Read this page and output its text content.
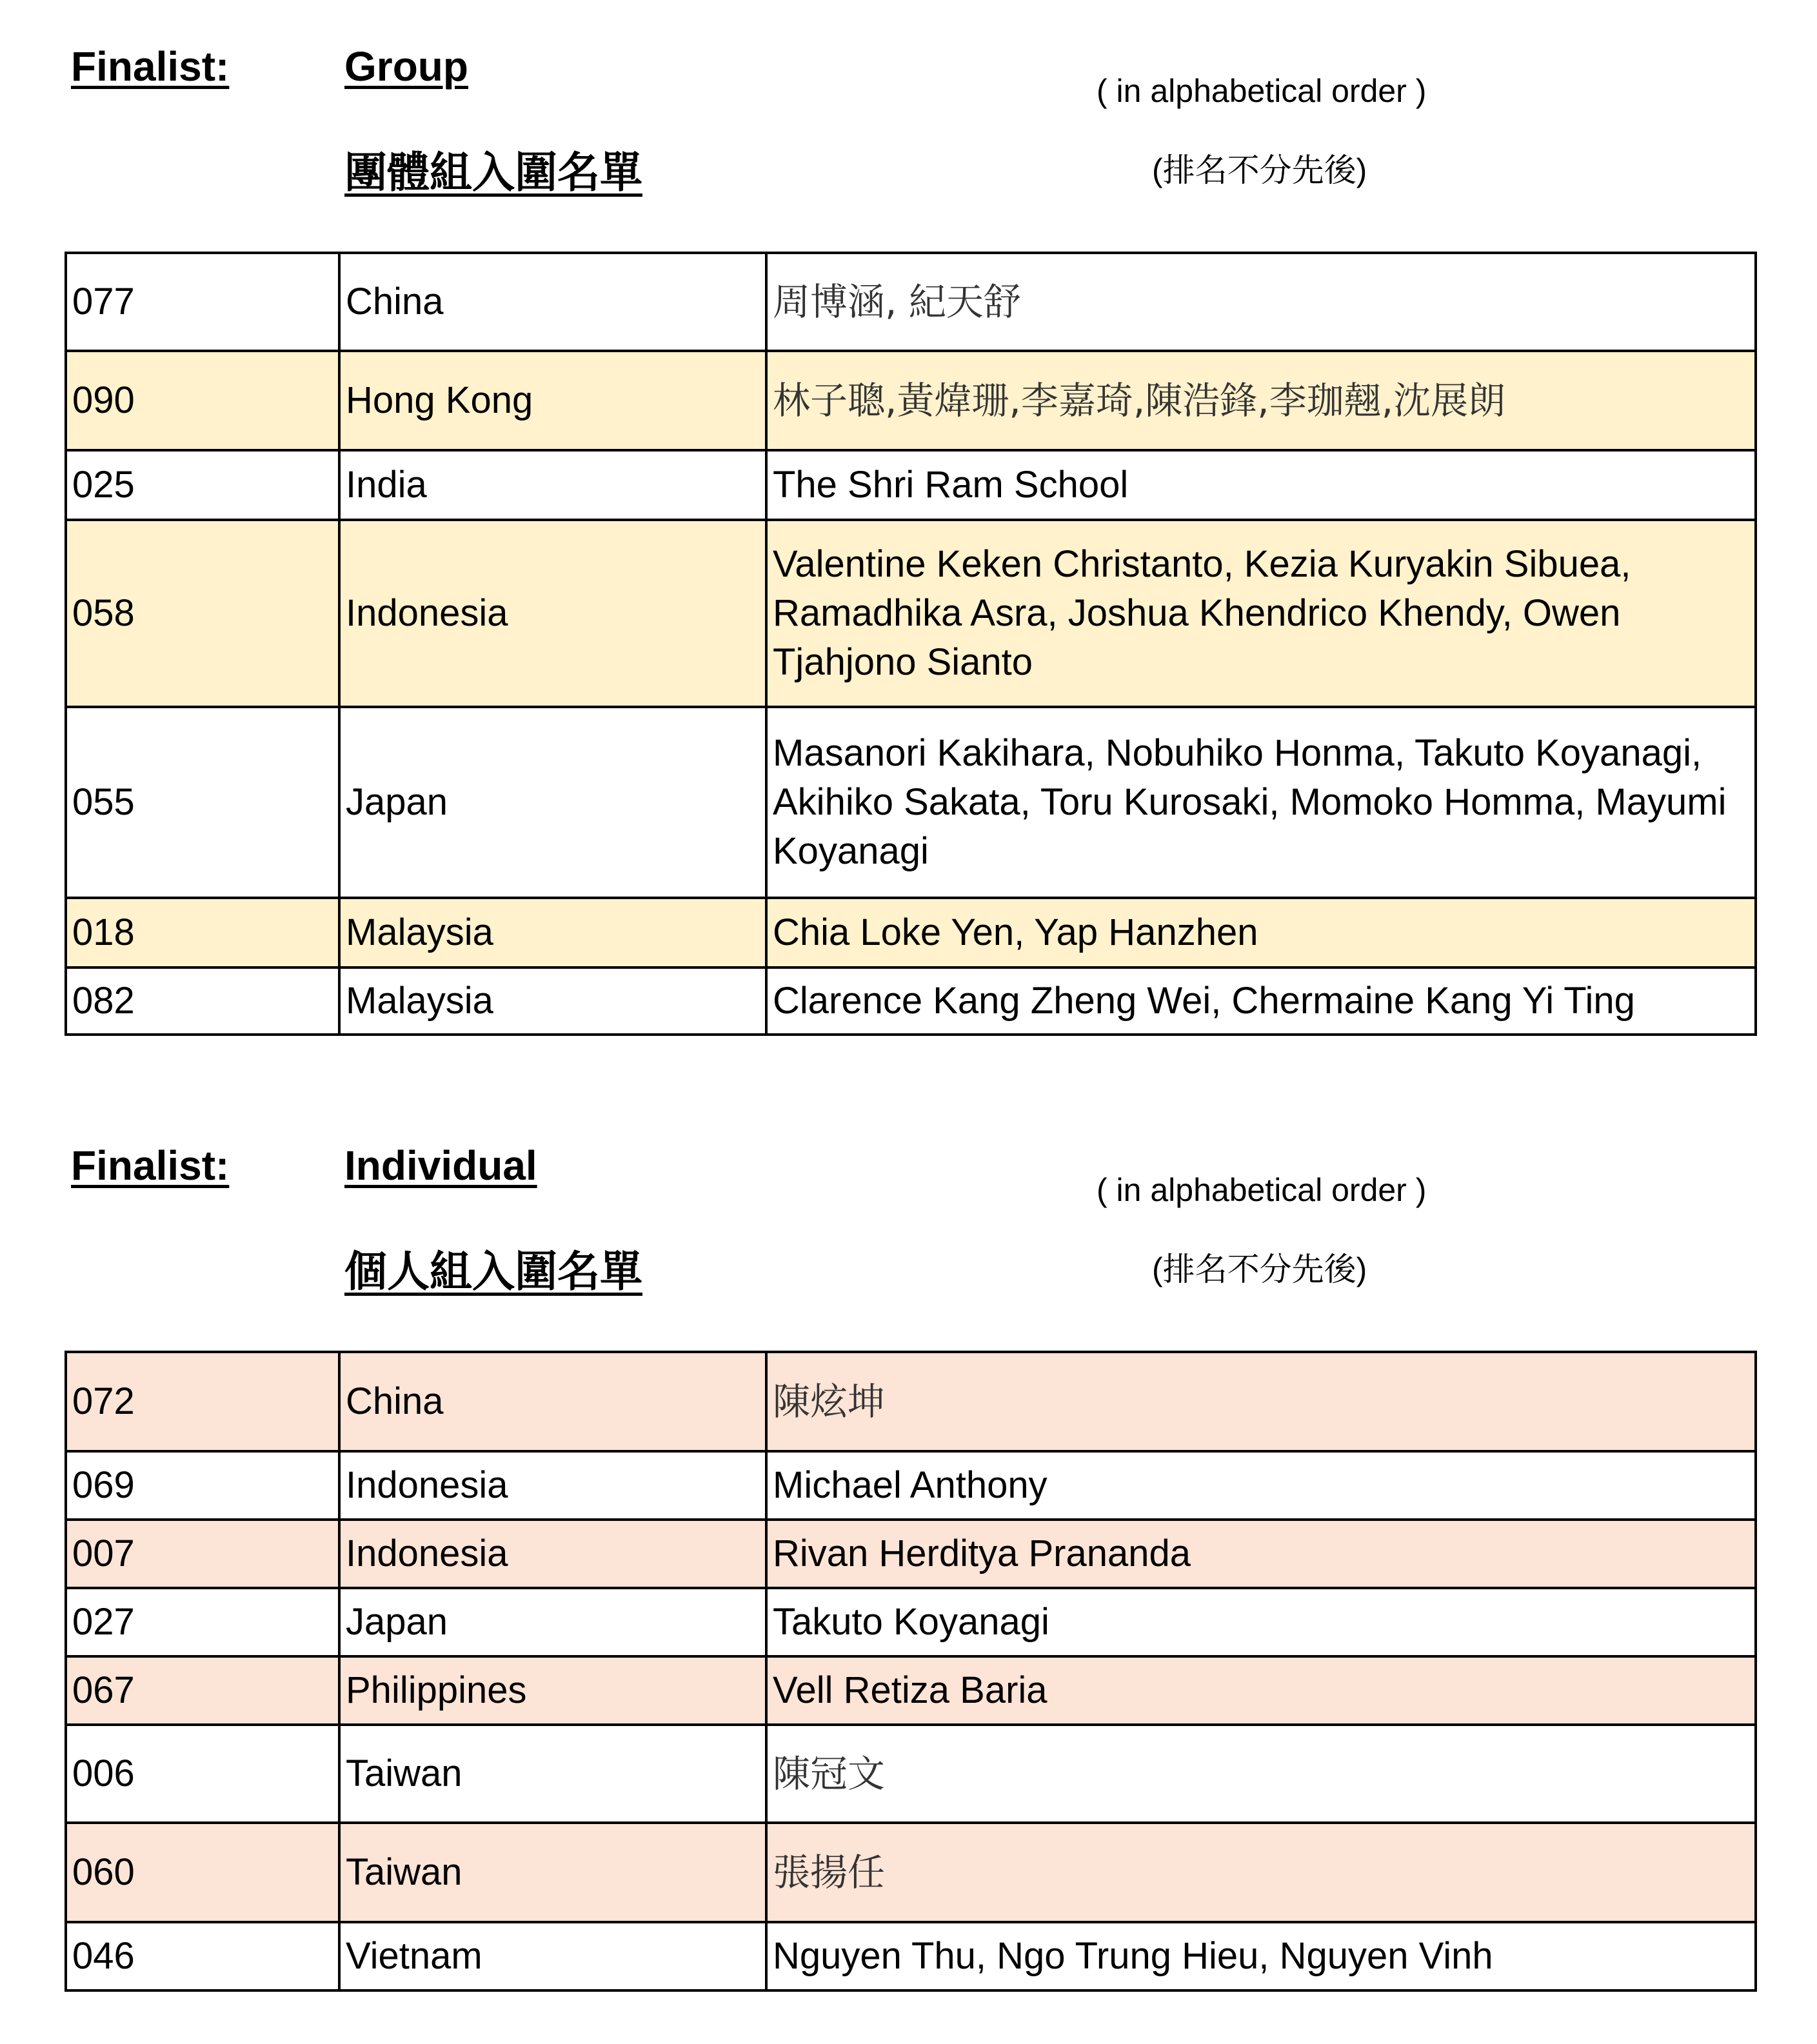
Finalist:	Group
團體組入圍名單
( in alphabetical order )
(排名不分先後)
077	China	周博涵, 紀天舒
090	Hong Kong	林子聰,黃煒珊,李嘉琦,陳浩鋒,李珈翹,沈展朗
025	India	The Shri Ram School
058	Indonesia	Valentine Keken Christanto, Kezia Kuryakin Sibuea, Ramadhika Asra, Joshua Khendrico Khendy, Owen Tjahjono Sianto
055	Japan	Masanori Kakihara, Nobuhiko Honma, Takuto Koyanagi, Akihiko Sakata, Toru Kurosaki, Momoko Homma, Mayumi Koyanagi
018	Malaysia	Chia Loke Yen, Yap Hanzhen
082	Malaysia	Clarence Kang Zheng Wei, Chermaine Kang Yi Ting
Finalist:	Individual
個人組入圍名單
( in alphabetical order )
(排名不分先後)
072	China	陳炫坤
069	Indonesia	Michael Anthony
007	Indonesia	Rivan Herditya Prananda
027	Japan	Takuto Koyanagi
067	Philippines	Vell Retiza Baria
006	Taiwan	陳冠文
060	Taiwan	張揚任
046	Vietnam	Nguyen Thu, Ngo Trung Hieu, Nguyen Vinh
